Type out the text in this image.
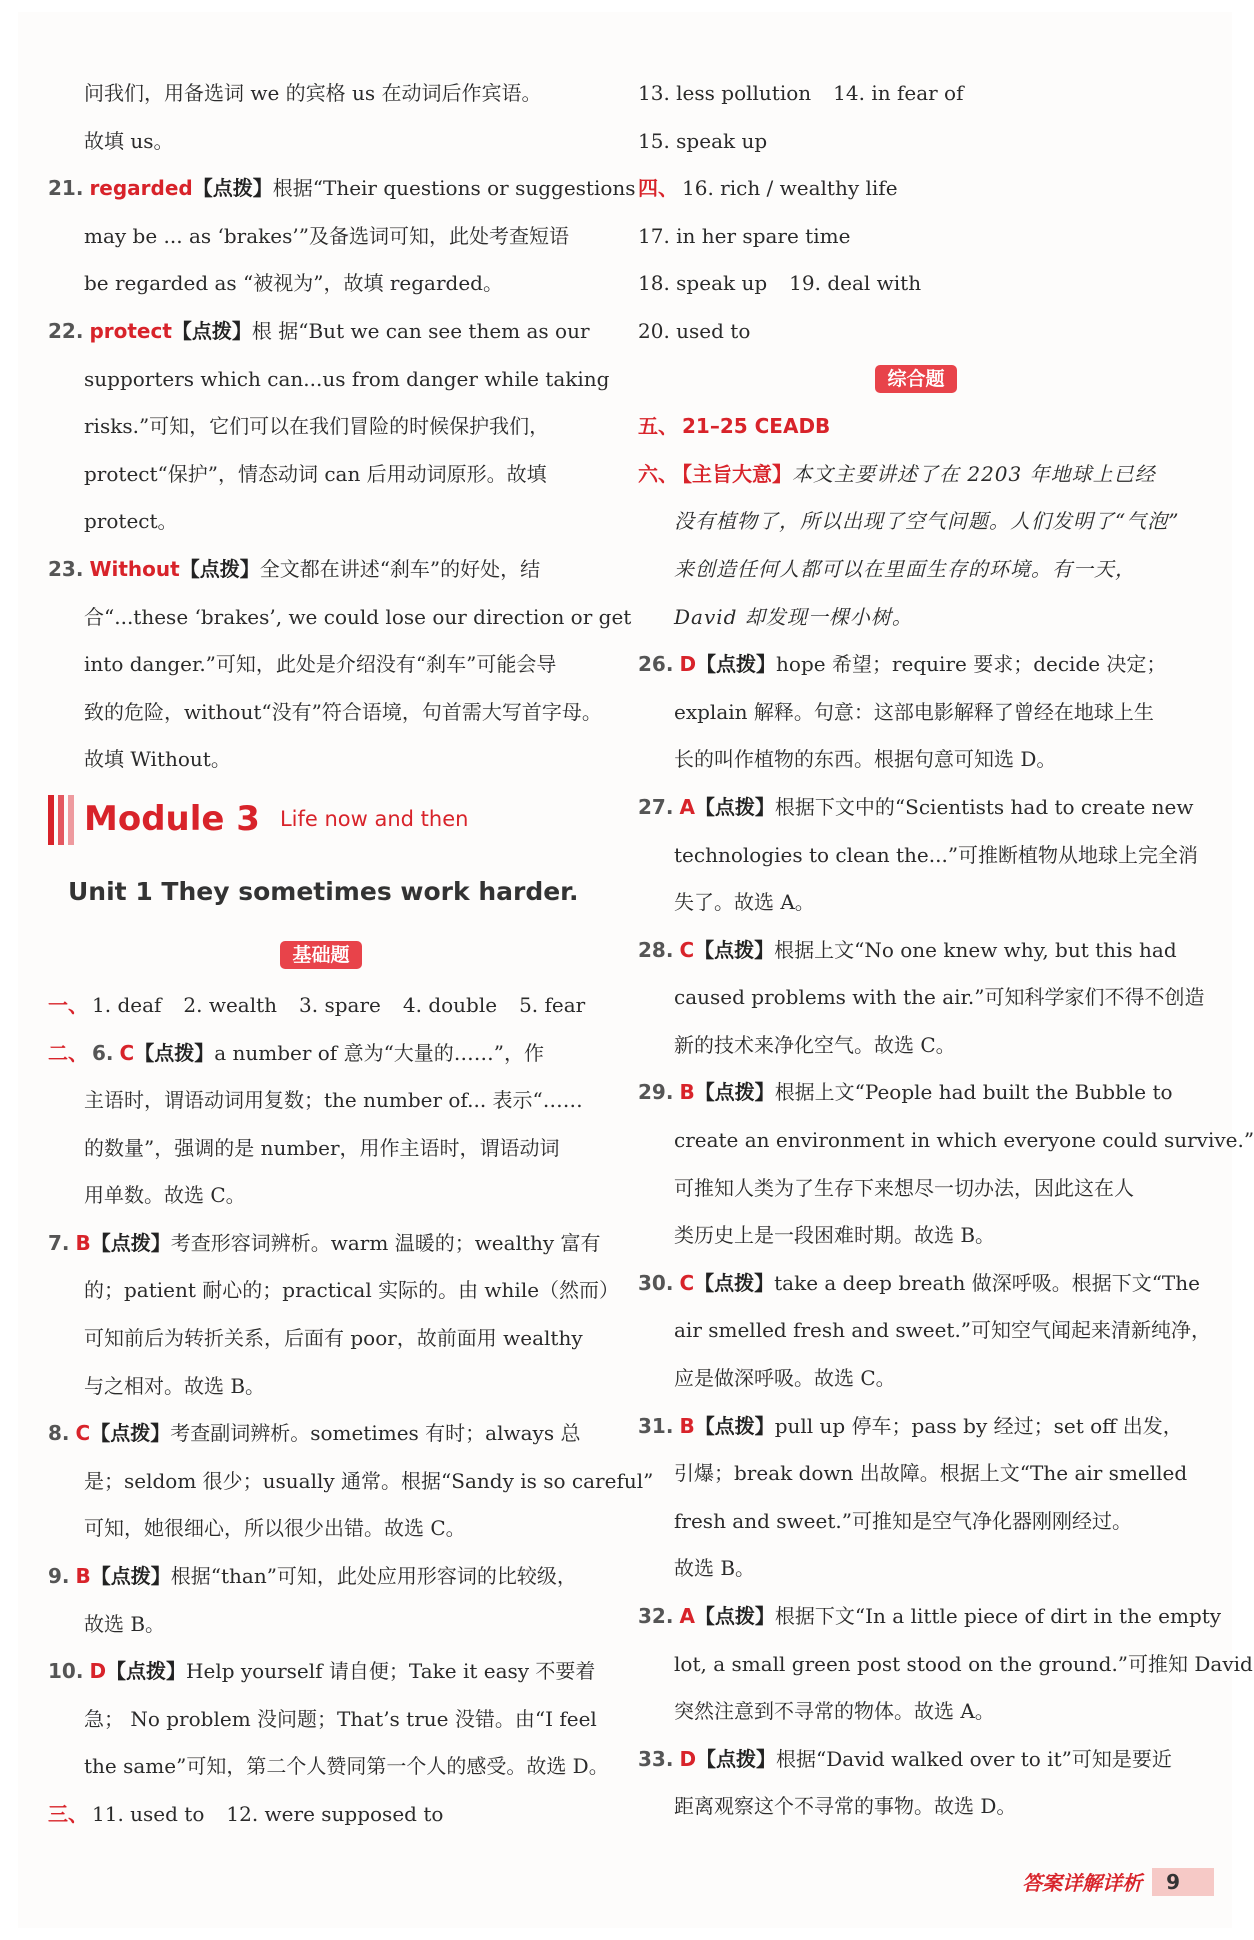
问我们，用备选词 we 的宾格 us 在动词后作宾语。
故填 us。
21. regarded【点拨】根据“Their questions or suggestions
may be ... as ‘brakes’”及备选词可知，此处考查短语
be regarded as “被视为”，故填 regarded。
22. protect【点拨】根 据“But we can see them as our
supporters which can...us from danger while taking
risks.”可知，它们可以在我们冒险的时候保护我们，
protect“保护”，情态动词 can 后用动词原形。故填
protect。
23. Without【点拨】全文都在讲述“刹车”的好处，结
合“...these ‘brakes’, we could lose our direction or get
into danger.”可知，此处是介绍没有“刹车”可能会导
致的危险，without“没有”符合语境，句首需大写首字母。
故填 Without。
Module 3 Life now and then
Unit 1 They sometimes work harder.
基础题
一、 1. deaf 2. wealth 3. spare 4. double 5. fear
二、 6. C【点拨】a number of 意为“大量的……”，作
主语时，谓语动词用复数；the number of... 表示“……
的数量”，强调的是 number，用作主语时，谓语动词
用单数。故选 C。
7. B【点拨】考查形容词辨析。warm 温暖的；wealthy 富有
的；patient 耐心的；practical 实际的。由 while（然而）
可知前后为转折关系，后面有 poor，故前面用 wealthy
与之相对。故选 B。
8. C【点拨】考查副词辨析。sometimes 有时；always 总
是；seldom 很少；usually 通常。根据“Sandy is so careful”
可知，她很细心，所以很少出错。故选 C。
9. B【点拨】根据“than”可知，此处应用形容词的比较级，
故选 B。
10. D【点拨】Help yourself 请自便；Take it easy 不要着
急； No problem 没问题；That’s true 没错。由“I feel
the same”可知，第二个人赞同第一个人的感受。故选 D。
三、 11. used to 12. were supposed to
13. less pollution 14. in fear of
15. speak up
四、 16. rich / wealthy life
17. in her spare time
18. speak up 19. deal with
20. used to
综合题
五、 21–25 CEADB
六、 【主旨大意】本文主要讲述了在 2203 年地球上已经
没有植物了，所以出现了空气问题。人们发明了“气泡”
来创造任何人都可以在里面生存的环境。有一天，
David 却发现一棵小树。
26. D【点拨】hope 希望；require 要求；decide 决定；
explain 解释。句意：这部电影解释了曾经在地球上生
长的叫作植物的东西。根据句意可知选 D。
27. A【点拨】根据下文中的“Scientists had to create new
technologies to clean the...”可推断植物从地球上完全消
失了。故选 A。
28. C【点拨】根据上文“No one knew why, but this had
caused problems with the air.”可知科学家们不得不创造
新的技术来净化空气。故选 C。
29. B【点拨】根据上文“People had built the Bubble to
create an environment in which everyone could survive.”
可推知人类为了生存下来想尽一切办法，因此这在人
类历史上是一段困难时期。故选 B。
30. C【点拨】take a deep breath 做深呼吸。根据下文“The
air smelled fresh and sweet.”可知空气闻起来清新纯净，
应是做深呼吸。故选 C。
31. B【点拨】pull up 停车；pass by 经过；set off 出发，
引爆；break down 出故障。根据上文“The air smelled
fresh and sweet.”可推知是空气净化器刚刚经过。
故选 B。
32. A【点拨】根据下文“In a little piece of dirt in the empty
lot, a small green post stood on the ground.”可推知 David
突然注意到不寻常的物体。故选 A。
33. D【点拨】根据“David walked over to it”可知是要近
距离观察这个不寻常的事物。故选 D。
答案详解详析	9
